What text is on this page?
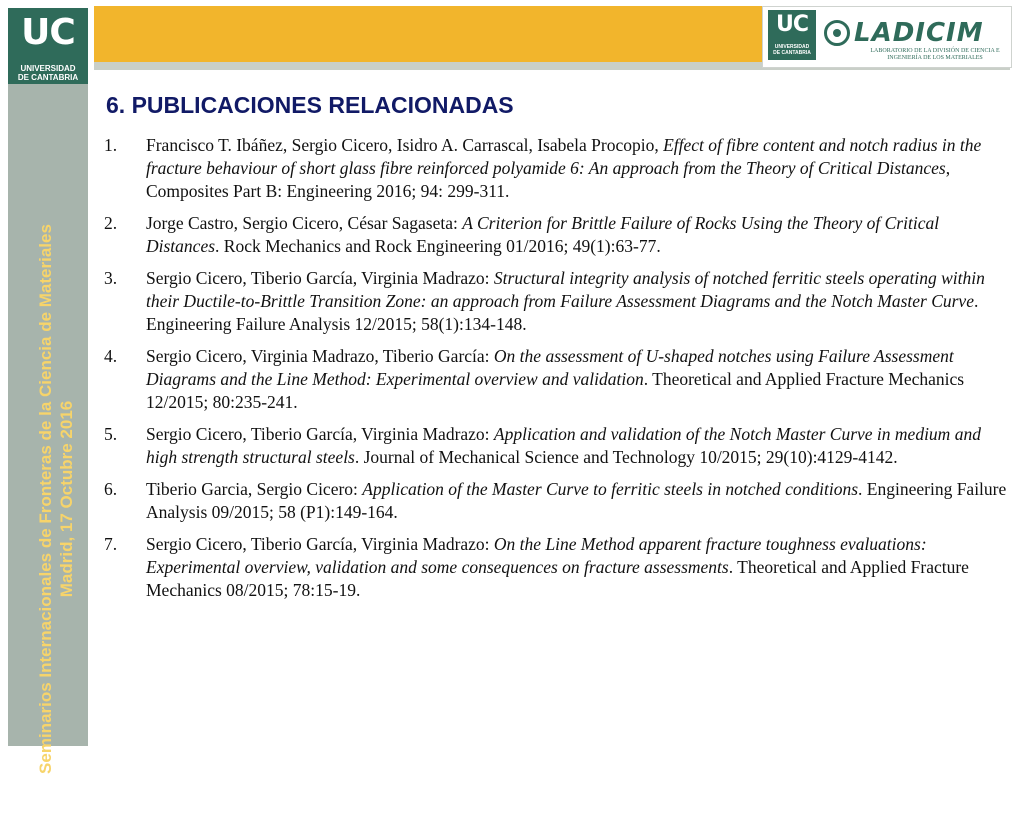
UC
UNIVERSIDAD
DE CANTABRIA
UC
UNIVERSIDAD
DE CANTABRIA
LADICIM
LABORATORIO DE LA DIVISIÓN DE CIENCIA E INGENIERÍA DE LOS MATERIALES
Seminarios Internacionales de Fronteras de la Ciencia de Materiales Madrid, 17 Octubre 2016
6. PUBLICACIONES RELACIONADAS
1. Francisco T. Ibáñez, Sergio Cicero, Isidro A. Carrascal, Isabela Procopio, Effect of fibre content and notch radius in the fracture behaviour of short glass fibre reinforced polyamide 6: An approach from the Theory of Critical Distances, Composites Part B: Engineering 2016; 94: 299-311.
2. Jorge Castro, Sergio Cicero, César Sagaseta: A Criterion for Brittle Failure of Rocks Using the Theory of Critical Distances. Rock Mechanics and Rock Engineering 01/2016; 49(1):63-77.
3. Sergio Cicero, Tiberio García, Virginia Madrazo: Structural integrity analysis of notched ferritic steels operating within their Ductile-to-Brittle Transition Zone: an approach from Failure Assessment Diagrams and the Notch Master Curve. Engineering Failure Analysis 12/2015; 58(1):134-148.
4. Sergio Cicero, Virginia Madrazo, Tiberio García: On the assessment of U-shaped notches using Failure Assessment Diagrams and the Line Method: Experimental overview and validation. Theoretical and Applied Fracture Mechanics 12/2015; 80:235-241.
5. Sergio Cicero, Tiberio García, Virginia Madrazo: Application and validation of the Notch Master Curve in medium and high strength structural steels. Journal of Mechanical Science and Technology 10/2015; 29(10):4129-4142.
6. Tiberio Garcia, Sergio Cicero: Application of the Master Curve to ferritic steels in notched conditions. Engineering Failure Analysis 09/2015; 58 (P1):149-164.
7. Sergio Cicero, Tiberio García, Virginia Madrazo: On the Line Method apparent fracture toughness evaluations: Experimental overview, validation and some consequences on fracture assessments. Theoretical and Applied Fracture Mechanics 08/2015; 78:15-19.
